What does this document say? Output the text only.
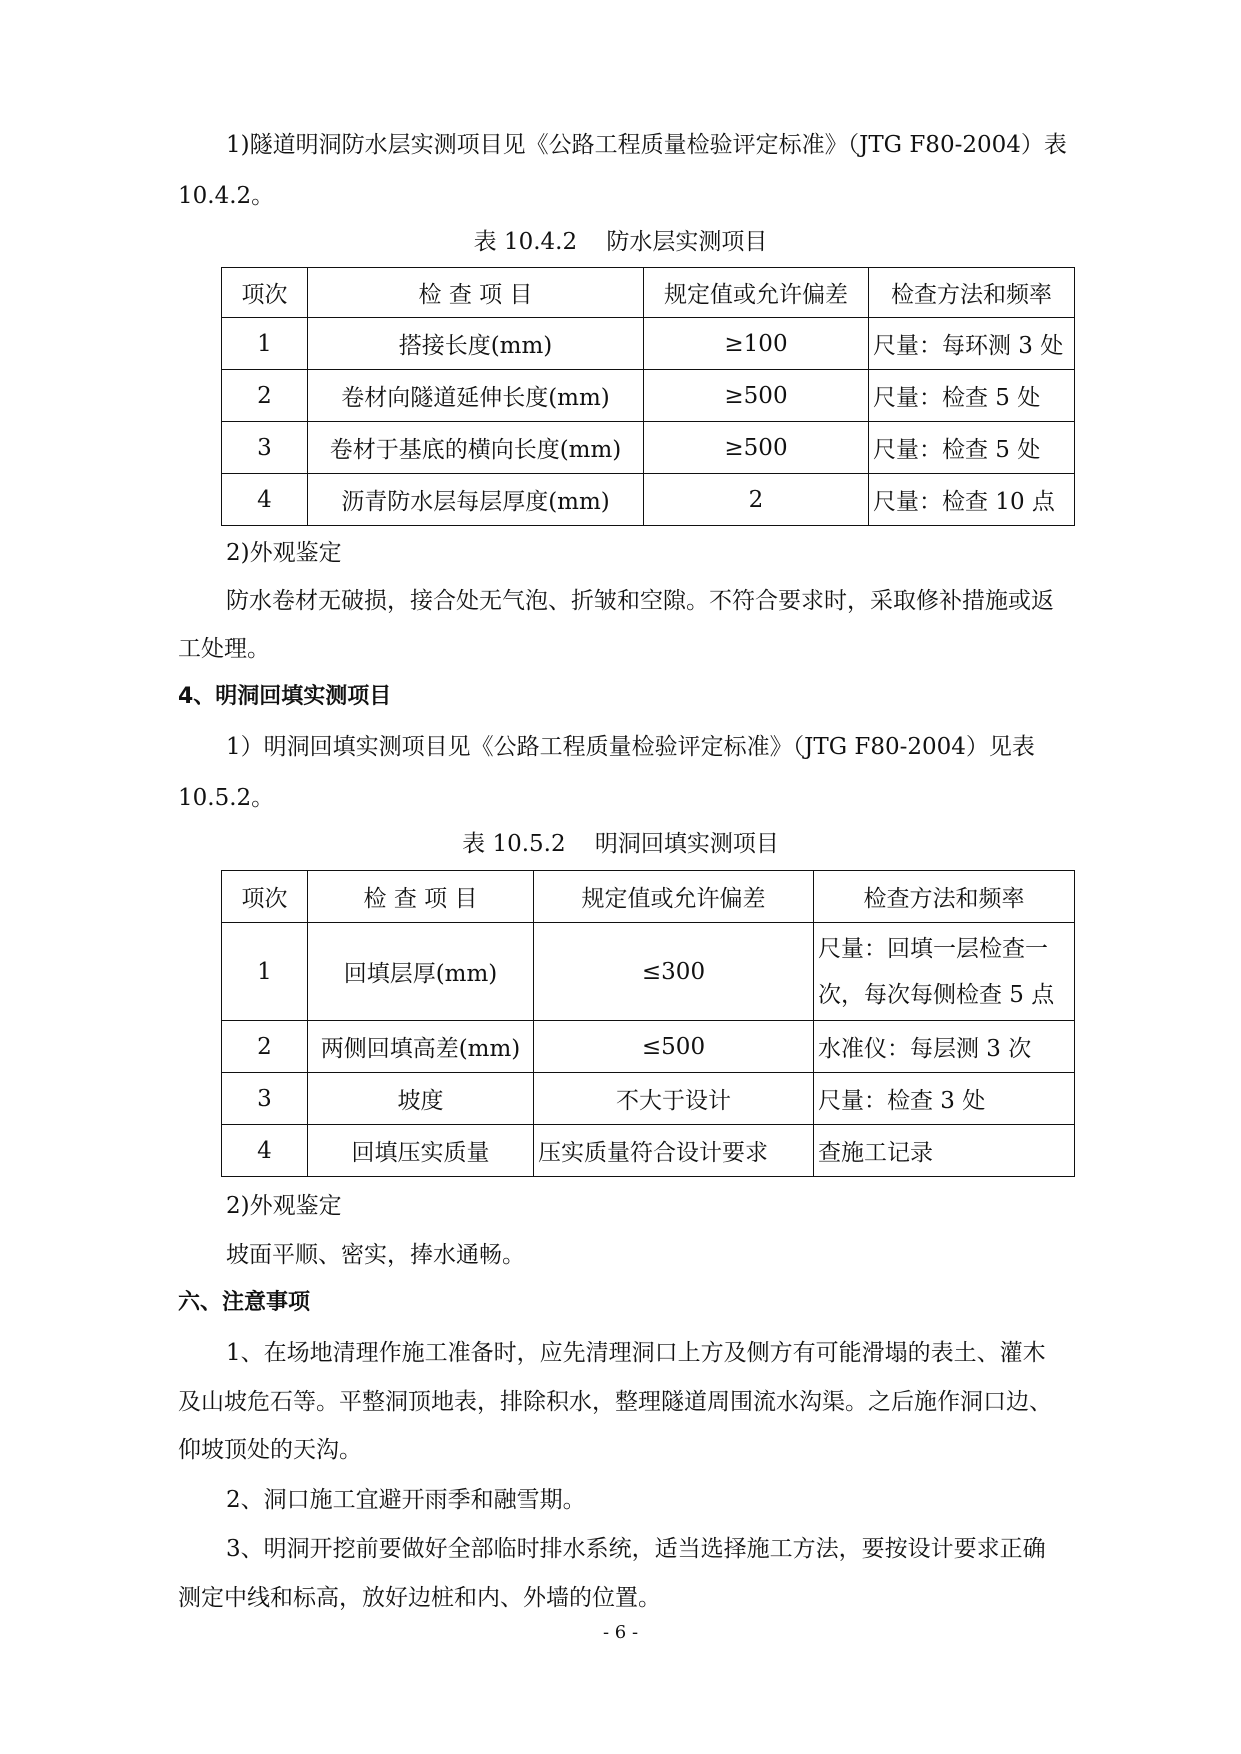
1)隧道明洞防水层实测项目见《公路工程质量检验评定标准》（JTG F80-2004）表
10.4.2。
表 10.4.2    防水层实测项目
项次	检 查 项 目	规定值或允许偏差	检查方法和频率
1	搭接长度(mm)	≥100	尺量：每环测 3 处
2	卷材向隧道延伸长度(mm)	≥500	尺量：检查 5 处
3	卷材于基底的横向长度(mm)	≥500	尺量：检查 5 处
4	沥青防水层每层厚度(mm)	2	尺量：检查 10 点
2)外观鉴定
防水卷材无破损，接合处无气泡、折皱和空隙。不符合要求时，采取修补措施或返
工处理。
4、明洞回填实测项目
1）明洞回填实测项目见《公路工程质量检验评定标准》（JTG F80-2004）见表
10.5.2。
表 10.5.2    明洞回填实测项目
项次	检 查 项 目	规定值或允许偏差	检查方法和频率
1	回填层厚(mm)	≤300	尺量：回填一层检查一次，每次每侧检查 5 点
2	两侧回填高差(mm)	≤500	水准仪：每层测 3 次
3	坡度	不大于设计	尺量：检查 3 处
4	回填压实质量	压实质量符合设计要求	查施工记录
2)外观鉴定
坡面平顺、密实，捧水通畅。
六、注意事项
1、在场地清理作施工准备时，应先清理洞口上方及侧方有可能滑塌的表土、灌木
及山坡危石等。平整洞顶地表，排除积水，整理隧道周围流水沟渠。之后施作洞口边、
仰坡顶处的天沟。
2、洞口施工宜避开雨季和融雪期。
3、明洞开挖前要做好全部临时排水系统，适当选择施工方法，要按设计要求正确
测定中线和标高，放好边桩和内、外墙的位置。
- 6 -
